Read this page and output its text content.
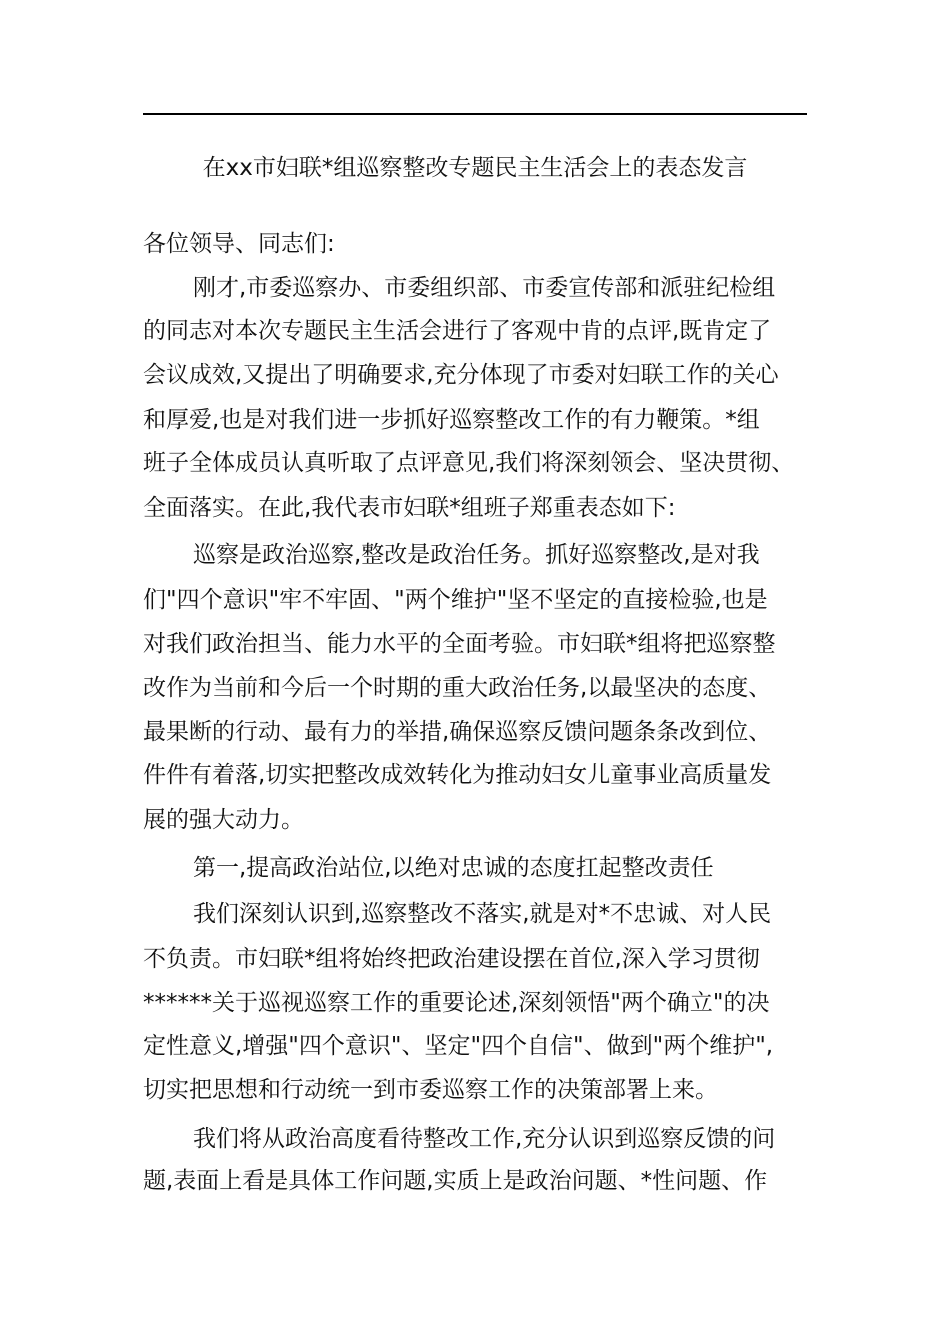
在xx市妇联*组巡察整改专题民主生活会上的表态发言
各位领导、同志们:
刚才,市委巡察办、市委组织部、市委宣传部和派驻纪检组
的同志对本次专题民主生活会进行了客观中肯的点评,既肯定了
会议成效,又提出了明确要求,充分体现了市委对妇联工作的关心
和厚爱,也是对我们进一步抓好巡察整改工作的有力鞭策。*组
班子全体成员认真听取了点评意见,我们将深刻领会、坚决贯彻、
全面落实。在此,我代表市妇联*组班子郑重表态如下:
巡察是政治巡察,整改是政治任务。抓好巡察整改,是对我
们"四个意识"牢不牢固、"两个维护"坚不坚定的直接检验,也是
对我们政治担当、能力水平的全面考验。市妇联*组将把巡察整
改作为当前和今后一个时期的重大政治任务,以最坚决的态度、
最果断的行动、最有力的举措,确保巡察反馈问题条条改到位、
件件有着落,切实把整改成效转化为推动妇女儿童事业高质量发
展的强大动力。
第一,提高政治站位,以绝对忠诚的态度扛起整改责任
我们深刻认识到,巡察整改不落实,就是对*不忠诚、对人民
不负责。市妇联*组将始终把政治建设摆在首位,深入学习贯彻
******关于巡视巡察工作的重要论述,深刻领悟"两个确立"的决
定性意义,增强"四个意识"、坚定"四个自信"、做到"两个维护",
切实把思想和行动统一到市委巡察工作的决策部署上来。
我们将从政治高度看待整改工作,充分认识到巡察反馈的问
题,表面上看是具体工作问题,实质上是政治问题、*性问题、作
